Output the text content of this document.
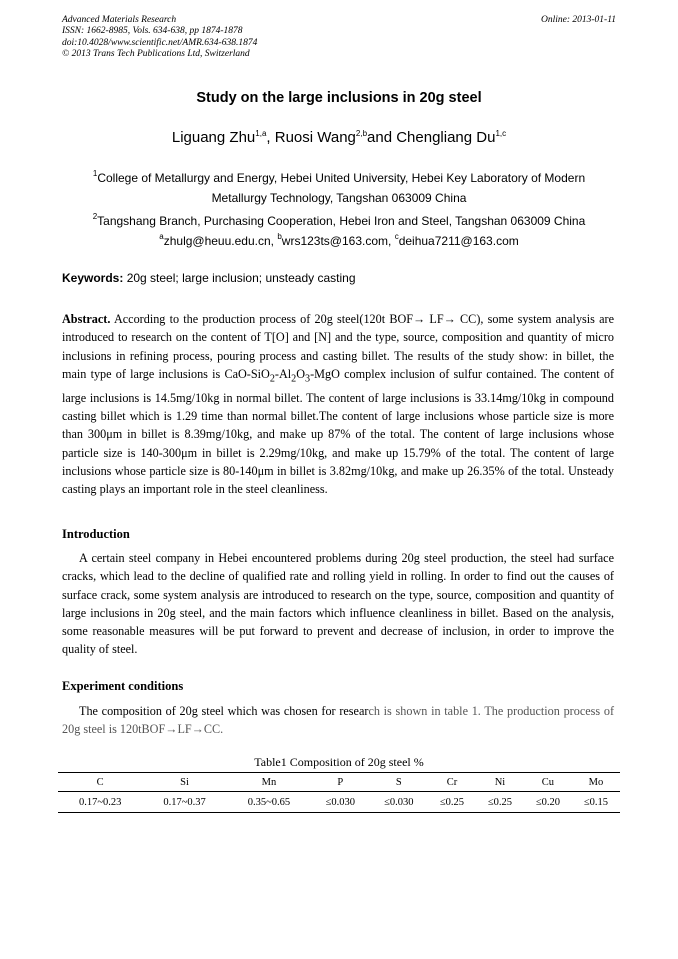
Advanced Materials Research
ISSN: 1662-8985, Vols. 634-638, pp 1874-1878
doi:10.4028/www.scientific.net/AMR.634-638.1874
© 2013 Trans Tech Publications Ltd, Switzerland
Online: 2013-01-11
Study on the large inclusions in 20g steel
Liguang Zhu$^{1,a}$, Ruosi Wang$^{2,b}$and Chengliang Du$^{1,c}$
$^1$College of Metallurgy and Energy, Hebei United University, Hebei Key Laboratory of Modern
Metallurgy Technology, Tangshan 063009 China
$^2$Tangshang Branch, Purchasing Cooperation, Hebei Iron and Steel, Tangshan 063009 China
$^a$zhulg@heuu.edu.cn, $^b$wrs123ts@163.com, $^c$deihua7211@163.com
Keywords: 20g steel; large inclusion; unsteady casting
Abstract. According to the production process of 20g steel(120t BOF→ LF→ CC), some system analysis are introduced to research on the content of T[O] and [N] and the type, source, composition and quantity of micro inclusions in refining process, pouring process and casting billet. The results of the study show: in billet, the main type of large inclusions is CaO-$SiO_2-Al_2O_3$-MgO complex inclusion of sulfur contained. The content of large inclusions is 14.5mg/10kg in normal billet. The content of large inclusions is 33.14mg/10kg in compound casting billet which is 1.29 time than normal billet.The content of large inclusions whose particle size is more than 300μm in billet is 8.39mg/10kg, and make up 87% of the total. The content of large inclusions whose particle size is 140-300μm in billet is 2.29mg/10kg, and make up 15.79% of the total. The content of large inclusions whose particle size is 80-140μm in billet is 3.82mg/10kg, and make up 26.35% of the total. Unsteady casting plays an important role in the steel cleanliness.
Introduction
A certain steel company in Hebei encountered problems during 20g steel production, the steel had surface cracks, which lead to the decline of qualified rate and rolling yield in rolling. In order to find out the causes of surface crack, some system analysis are introduced to research on the type, source, composition and quantity of large inclusions in 20g steel, and the main factors which influence cleanliness in billet. Based on the analysis, some reasonable measures will be put forward to prevent and decrease of inclusion, in order to improve the quality of steel.
Experiment conditions
The composition of 20g steel which was chosen for research is shown in table 1. The production process of 20g steel is 120tBOF→LF→CC.
Table1 Composition of 20g steel %
C	Si	Mn	P	S	Cr	Ni	Cu	Mo
0.17~0.23	0.17~0.37	0.35~0.65	≤0.030	≤0.030	≤0.25	≤0.25	≤0.20	≤0.15
